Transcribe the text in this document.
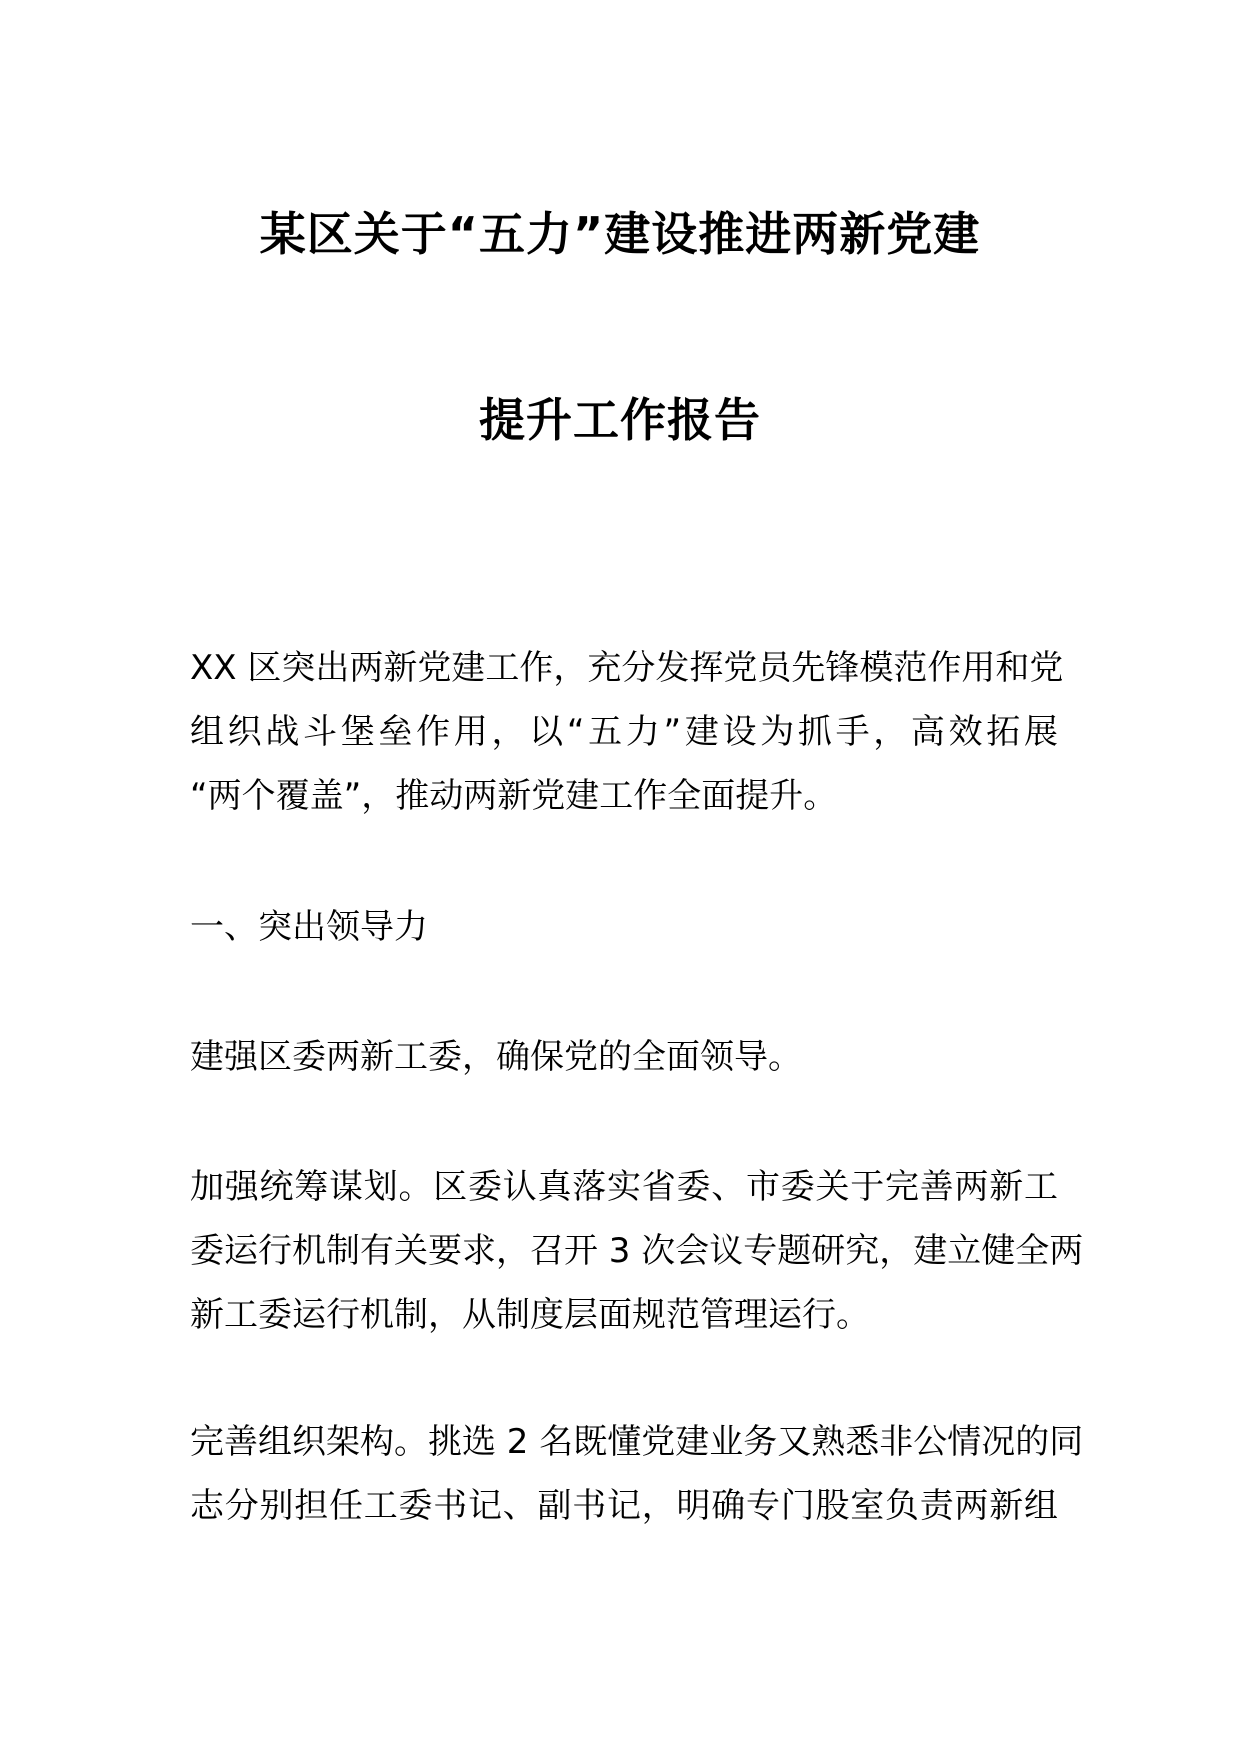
某区关于“五力”建设推进两新党建
提升工作报告
XX 区突出两新党建工作，充分发挥党员先锋模范作用和党
组织战斗堡垒作用，以“五力”建设为抓手，高效拓展
“两个覆盖”，推动两新党建工作全面提升。
一、突出领导力
建强区委两新工委，确保党的全面领导。
加强统筹谋划。区委认真落实省委、市委关于完善两新工
委运行机制有关要求，召开 3 次会议专题研究，建立健全两
新工委运行机制，从制度层面规范管理运行。
完善组织架构。挑选 2 名既懂党建业务又熟悉非公情况的同
志分别担任工委书记、副书记，明确专门股室负责两新组
